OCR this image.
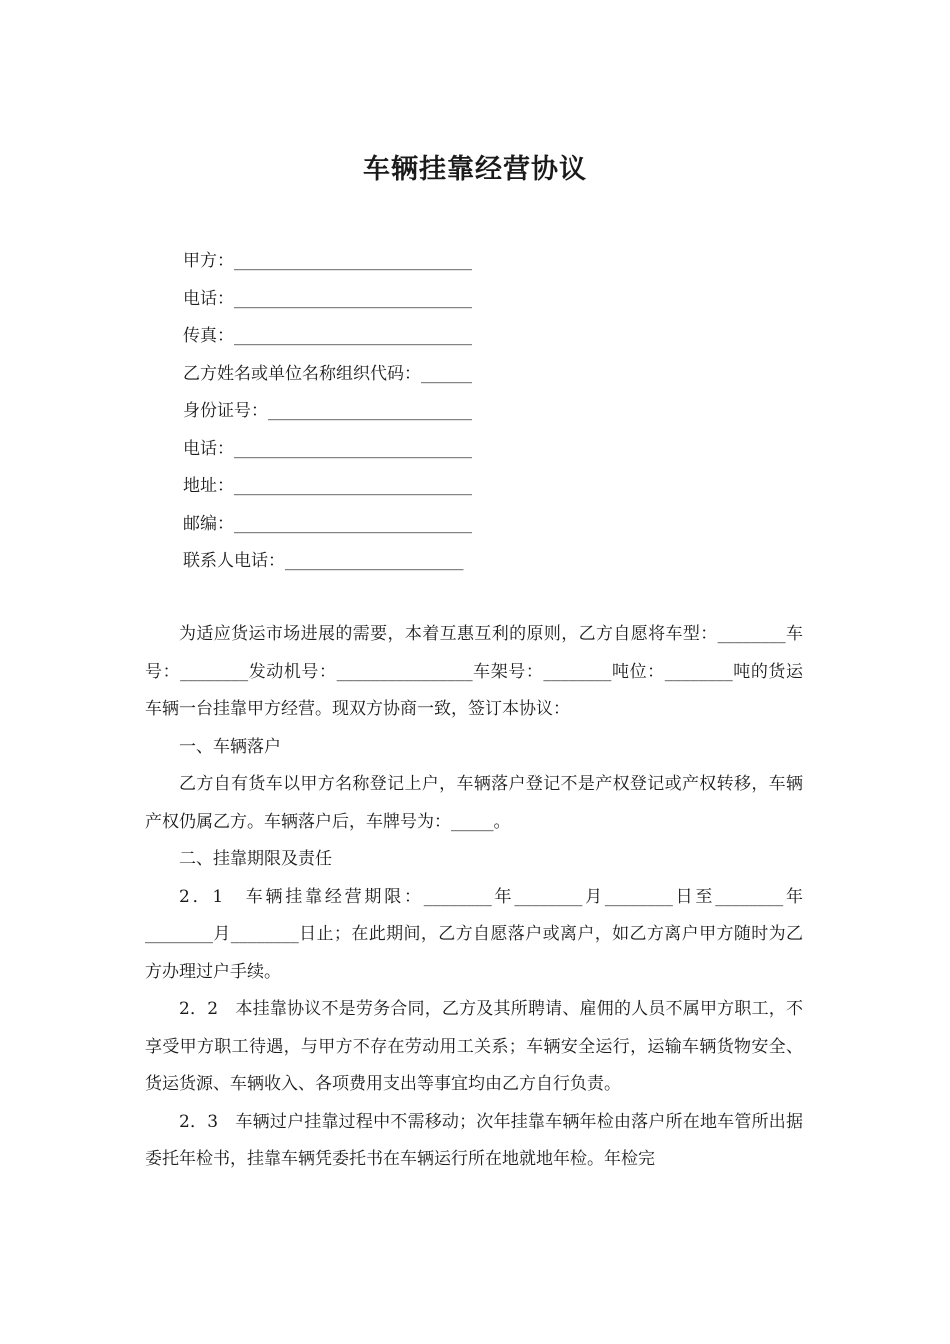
车辆挂靠经营协议
甲方：____________________________
电话：____________________________
传真：____________________________
乙方姓名或单位名称组织代码：______
身份证号：________________________
电话：____________________________
地址：____________________________
邮编：____________________________
联系人电话：_____________________

为适应货运市场进展的需要，本着互惠互利的原则，乙方自愿将车型：________车号：________发动机号：________________车架号：________吨位：________吨的货运车辆一台挂靠甲方经营。现双方协商一致，签订本协议：

一、车辆落户

乙方自有货车以甲方名称登记上户，车辆落户登记不是产权登记或产权转移，车辆产权仍属乙方。车辆落户后，车牌号为：_____。

二、挂靠期限及责任

2．1　车辆挂靠经营期限：________年________月________日至________年________月________日止；在此期间，乙方自愿落户或离户，如乙方离户甲方随时为乙方办理过户手续。

2．2　本挂靠协议不是劳务合同，乙方及其所聘请、雇佣的人员不属甲方职工，不享受甲方职工待遇，与甲方不存在劳动用工关系；车辆安全运行，运输车辆货物安全、货运货源、车辆收入、各项费用支出等事宜均由乙方自行负责。

2．3　车辆过户挂靠过程中不需移动；次年挂靠车辆年检由落户所在地车管所出据委托年检书，挂靠车辆凭委托书在车辆运行所在地就地年检。年检完
